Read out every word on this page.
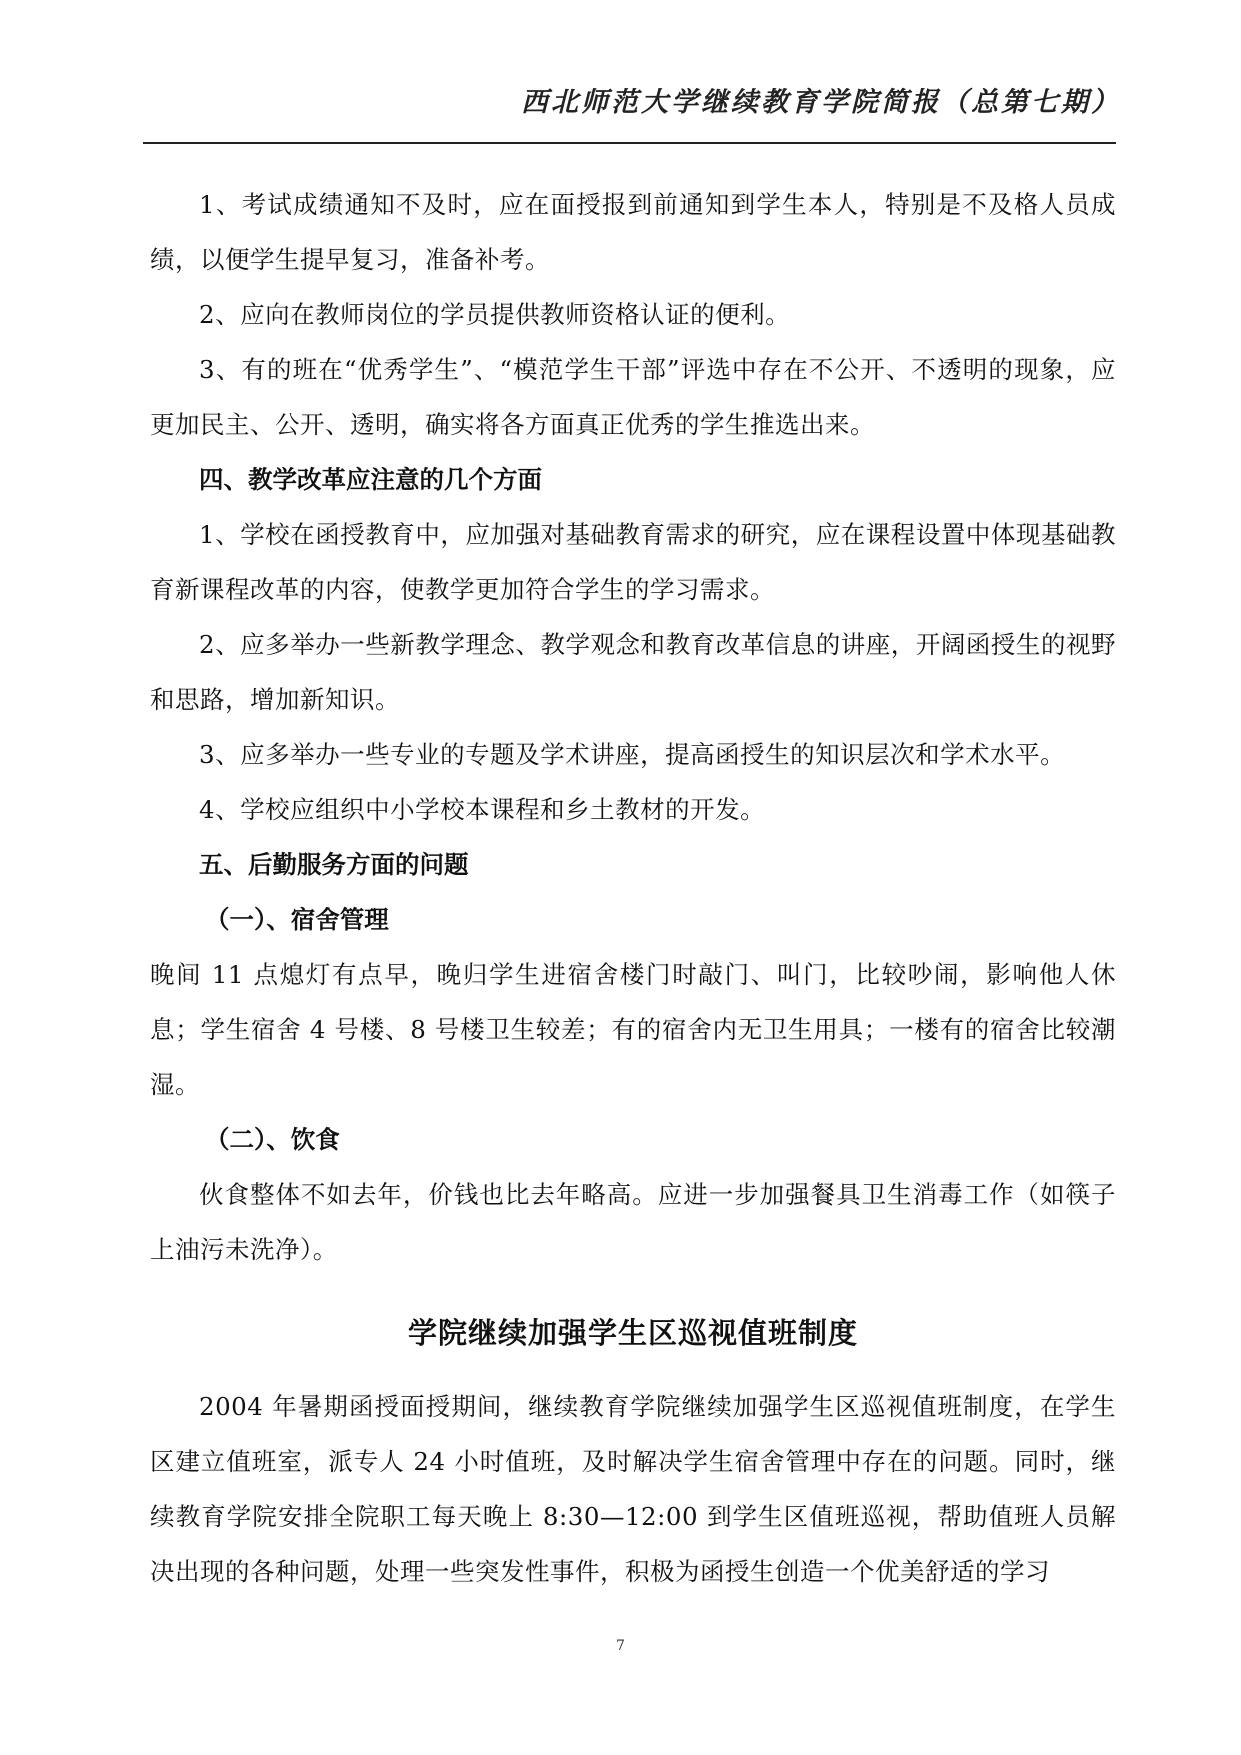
西北师范大学继续教育学院简报（总第七期）

1、考试成绩通知不及时，应在面授报到前通知到学生本人，特别是不及格人员成绩，以便学生提早复习，准备补考。

2、应向在教师岗位的学员提供教师资格认证的便利。

3、有的班在“优秀学生”、“模范学生干部”评选中存在不公开、不透明的现象，应更加民主、公开、透明，确实将各方面真正优秀的学生推选出来。

四、教学改革应注意的几个方面

1、学校在函授教育中，应加强对基础教育需求的研究，应在课程设置中体现基础教育新课程改革的内容，使教学更加符合学生的学习需求。

2、应多举办一些新教学理念、教学观念和教育改革信息的讲座，开阔函授生的视野和思路，增加新知识。

3、应多举办一些专业的专题及学术讲座，提高函授生的知识层次和学术水平。

4、学校应组织中小学校本课程和乡土教材的开发。

五、后勤服务方面的问题

（一）、宿舍管理

晚间 11 点熄灯有点早，晚归学生进宿舍楼门时敲门、叫门，比较吵闹，影响他人休息；学生宿舍 4 号楼、8 号楼卫生较差；有的宿舍内无卫生用具；一楼有的宿舍比较潮湿。

（二）、饮食

伙食整体不如去年，价钱也比去年略高。应进一步加强餐具卫生消毒工作（如筷子上油污未洗净）。

学院继续加强学生区巡视值班制度

2004 年暑期函授面授期间，继续教育学院继续加强学生区巡视值班制度，在学生区建立值班室，派专人 24 小时值班，及时解决学生宿舍管理中存在的问题。同时，继续教育学院安排全院职工每天晚上 8:30—12:00 到学生区值班巡视，帮助值班人员解决出现的各种问题，处理一些突发性事件，积极为函授生创造一个优美舒适的学习

7
